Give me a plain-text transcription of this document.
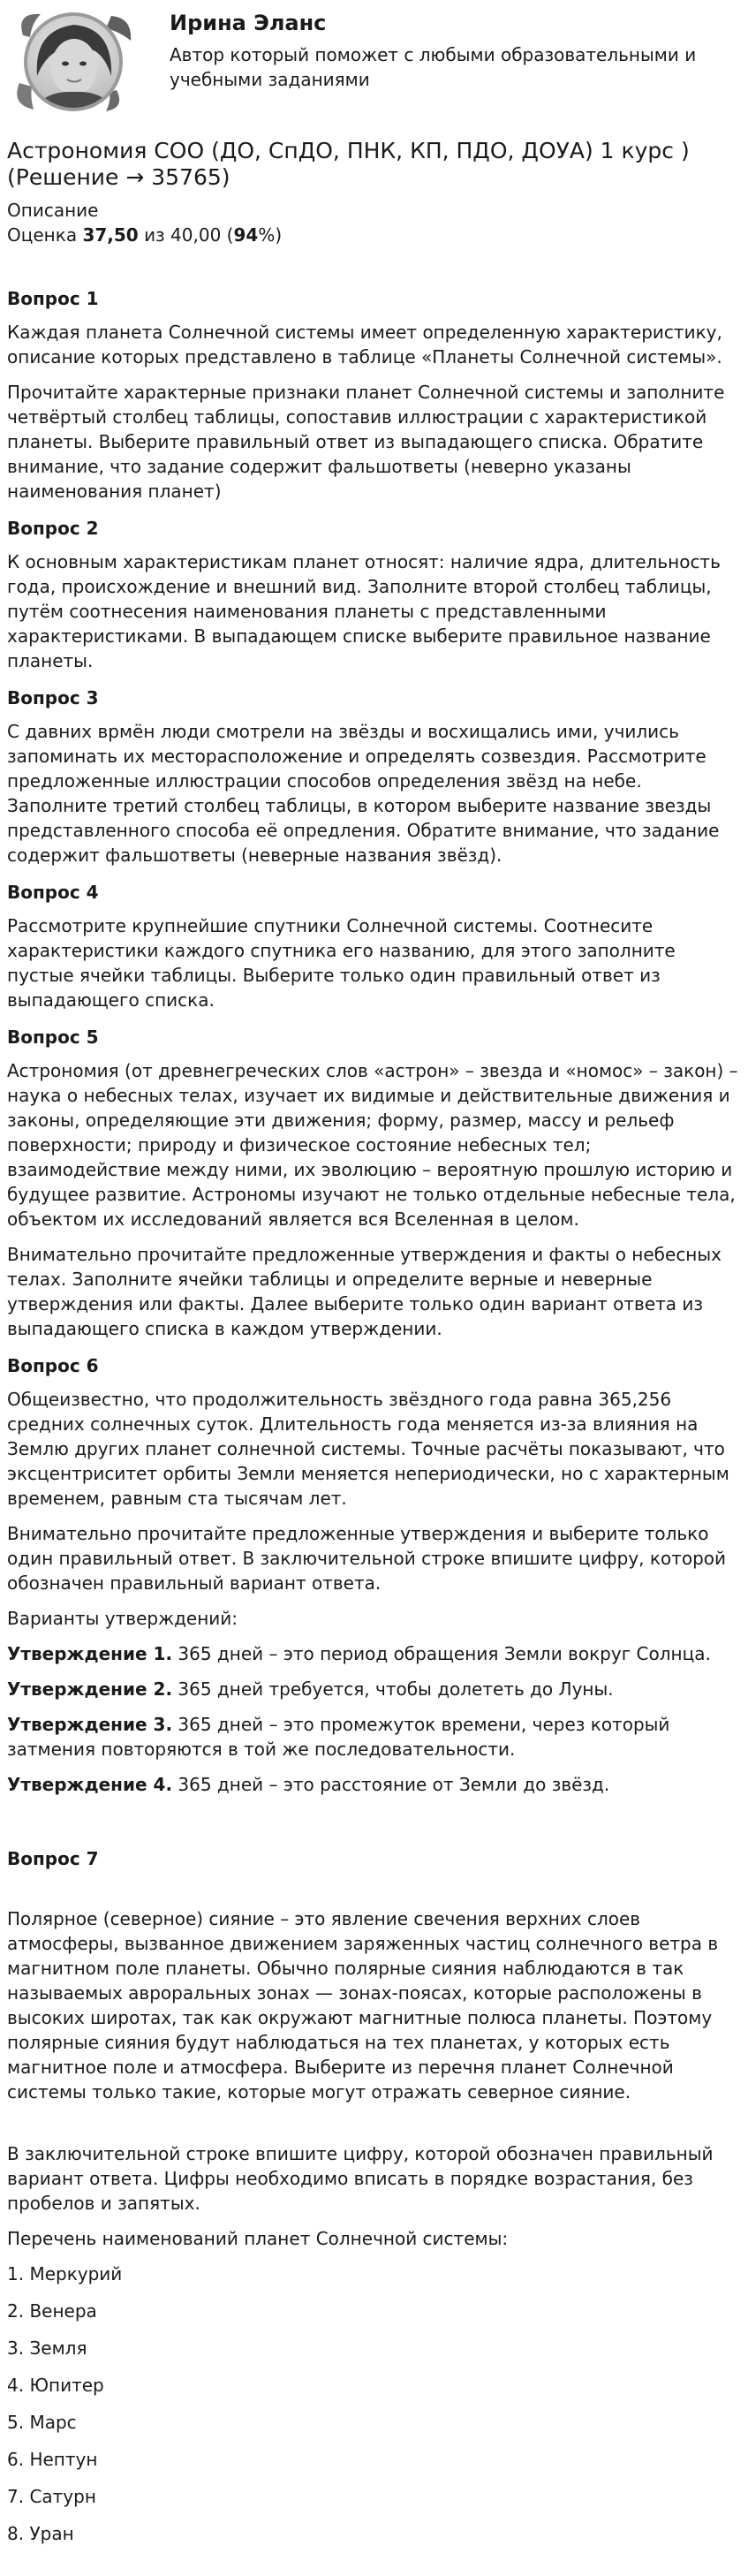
Ирина Эланс
Автор который поможет с любыми образовательными и учебными заданиями
Астрономия СОО (ДО, СпДО, ПНК, КП, ПДО, ДОУА) 1 курс ) (Решение → 35765)

Описание

Оценка 37,50 из 40,00 (94%)

Вопрос 1

Каждая планета Солнечной системы имеет определенную характеристику, описание которых представлено в таблице «Планеты Солнечной системы».

Прочитайте характерные признаки планет Солнечной системы и заполните четвёртый столбец таблицы, сопоставив иллюстрации с характеристикой планеты. Выберите правильный ответ из выпадающего списка. Обратите внимание, что задание содержит фальшответы (неверно указаны наименования планет)

Вопрос 2

К основным характеристикам планет относят: наличие ядра, длительность года, происхождение и внешний вид. Заполните второй столбец таблицы, путём соотнесения наименования планеты с представленными характеристиками. В выпадающем списке выберите правильное название планеты.

Вопрос 3

С давних врмён люди смотрели на звёзды и восхищались ими, учились запоминать их месторасположение и определять созвездия. Рассмотрите предложенные иллюстрации способов определения звёзд на небе. Заполните третий столбец таблицы, в котором выберите название звезды представленного способа её опредления. Обратите внимание, что задание содержит фальшответы (неверные названия звёзд).

Вопрос 4

Рассмотрите крупнейшие спутники Солнечной системы. Соотнесите характеристики каждого спутника его названию, для этого заполните пустые ячейки таблицы. Выберите только один правильный ответ из выпадающего списка.

Вопрос 5

Астрономия (от древнегреческих слов «астрон» – звезда и «номос» – закон) – наука о небесных телах, изучает их видимые и действительные движения и законы, определяющие эти движения; форму, размер, массу и рельеф поверхности; природу и физическое состояние небесных тел; взаимодействие между ними, их эволюцию – вероятную прошлую историю и будущее развитие. Астрономы изучают не только отдельные небесные тела, объектом их исследований является вся Вселенная в целом.

Внимательно прочитайте предложенные утверждения и факты о небесных телах. Заполните ячейки таблицы и определите верные и неверные утверждения или факты. Далее выберите только один вариант ответа из выпадающего списка в каждом утверждении.

Вопрос 6

Общеизвестно, что продолжительность звёздного года равна 365,256 средних солнечных суток. Длительность года меняется из-за влияния на Землю других планет солнечной системы. Точные расчёты показывают, что эксцентриситет орбиты Земли меняется непериодически, но с характерным временем, равным ста тысячам лет.

Внимательно прочитайте предложенные утверждения и выберите только один правильный ответ. В заключительной строке впишите цифру, которой обозначен правильный вариант ответа.

Варианты утверждений:

Утверждение 1. 365 дней – это период обращения Земли вокруг Солнца.

Утверждение 2. 365 дней требуется, чтобы долететь до Луны.

Утверждение 3. 365 дней – это промежуток времени, через который затмения повторяются в той же последовательности.

Утверждение 4. 365 дней – это расстояние от Земли до звёзд.

Вопрос 7

Полярное (северное) сияние – это явление свечения верхних слоев атмосферы, вызванное движением заряженных частиц солнечного ветра в магнитном поле планеты. Обычно полярные сияния наблюдаются в так называемых авроральных зонах — зонах-поясах, которые расположены в высоких широтах, так как окружают магнитные полюса планеты. Поэтому полярные сияния будут наблюдаться на тех планетах, у которых есть магнитное поле и атмосфера. Выберите из перечня планет Солнечной системы только такие, которые могут отражать северное сияние.

В заключительной строке впишите цифру, которой обозначен правильный вариант ответа. Цифры необходимо вписать в порядке возрастания, без пробелов и запятых.

Перечень наименований планет Солнечной системы:

1. Меркурий
2. Венера
3. Земля
4. Юпитер
5. Марс
6. Нептун
7. Сатурн
8. Уран
